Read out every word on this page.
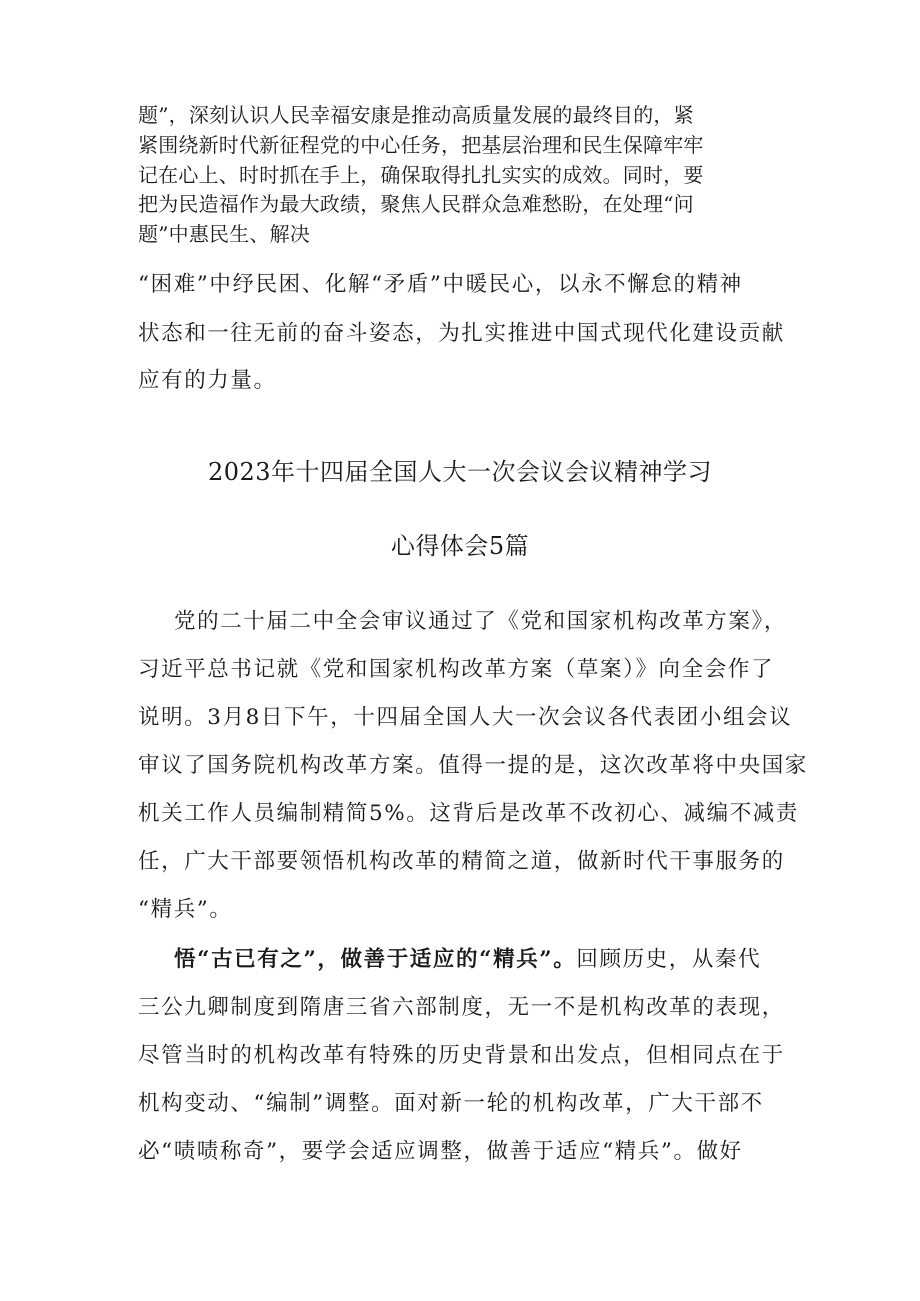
题”，深刻认识人民幸福安康是推动高质量发展的最终目的，紧
紧围绕新时代新征程党的中心任务，把基层治理和民生保障牢牢
记在心上、时时抓在手上，确保取得扎扎实实的成效。同时，要
把为民造福作为最大政绩，聚焦人民群众急难愁盼，在处理“问
题”中惠民生、解决
“困难”中纾民困、化解“矛盾”中暖民心，以永不懈怠的精神
状态和一往无前的奋斗姿态，为扎实推进中国式现代化建设贡献
应有的力量。
2023年十四届全国人大一次会议会议精神学习
心得体会5篇
党的二十届二中全会审议通过了《党和国家机构改革方案》，
习近平总书记就《党和国家机构改革方案（草案）》向全会作了
说明。3月8日下午，十四届全国人大一次会议各代表团小组会议
审议了国务院机构改革方案。值得一提的是，这次改革将中央国家
机关工作人员编制精简5%。这背后是改革不改初心、减编不减责
任，广大干部要领悟机构改革的精简之道，做新时代干事服务的
“精兵”。
悟“古已有之”，做善于适应的“精兵”。回顾历史，从秦代
三公九卿制度到隋唐三省六部制度，无一不是机构改革的表现，
尽管当时的机构改革有特殊的历史背景和出发点，但相同点在于
机构变动、“编制”调整。面对新一轮的机构改革，广大干部不
必“啧啧称奇”，要学会适应调整，做善于适应“精兵”。做好
